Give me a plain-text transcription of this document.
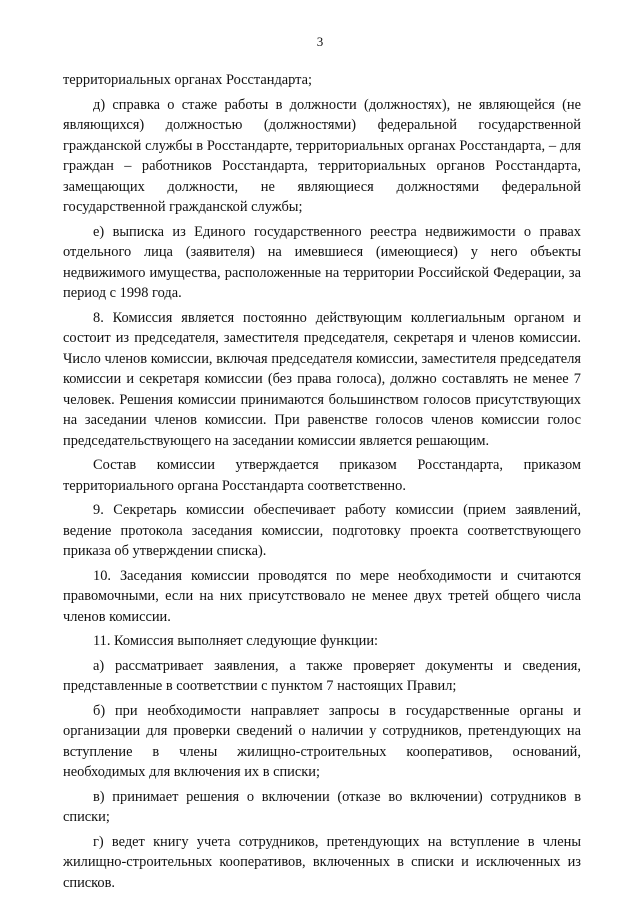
3

территориальных органах Росстандарта;

д) справка о стаже работы в должности (должностях), не являющейся (не являющихся) должностью (должностями) федеральной государственной гражданской службы в Росстандарте, территориальных органах Росстандарта, – для граждан – работников Росстандарта, территориальных органов Росстандарта, замещающих должности, не являющиеся должностями федеральной государственной гражданской службы;

е) выписка из Единого государственного реестра недвижимости о правах отдельного лица (заявителя) на имевшиеся (имеющиеся) у него объекты недвижимого имущества, расположенные на территории Российской Федерации, за период с 1998 года.

8. Комиссия является постоянно действующим коллегиальным органом и состоит из председателя, заместителя председателя, секретаря и членов комиссии. Число членов комиссии, включая председателя комиссии, заместителя председателя комиссии и секретаря комиссии (без права голоса), должно составлять не менее 7 человек. Решения комиссии принимаются большинством голосов присутствующих на заседании членов комиссии. При равенстве голосов членов комиссии голос председательствующего на заседании комиссии является решающим.

Состав комиссии утверждается приказом Росстандарта, приказом территориального органа Росстандарта соответственно.

9. Секретарь комиссии обеспечивает работу комиссии (прием заявлений, ведение протокола заседания комиссии, подготовку проекта соответствующего приказа об утверждении списка).

10. Заседания комиссии проводятся по мере необходимости и считаются правомочными, если на них присутствовало не менее двух третей общего числа членов комиссии.

11. Комиссия выполняет следующие функции:

а) рассматривает заявления, а также проверяет документы и сведения, представленные в соответствии с пунктом 7 настоящих Правил;

б) при необходимости направляет запросы в государственные органы и организации для проверки сведений о наличии у сотрудников, претендующих на вступление в члены жилищно-строительных кооперативов, оснований, необходимых для включения их в списки;

в) принимает решения о включении (отказе во включении) сотрудников в списки;

г) ведет книгу учета сотрудников, претендующих на вступление в члены жилищно-строительных кооперативов, включенных в списки и исключенных из списков.
